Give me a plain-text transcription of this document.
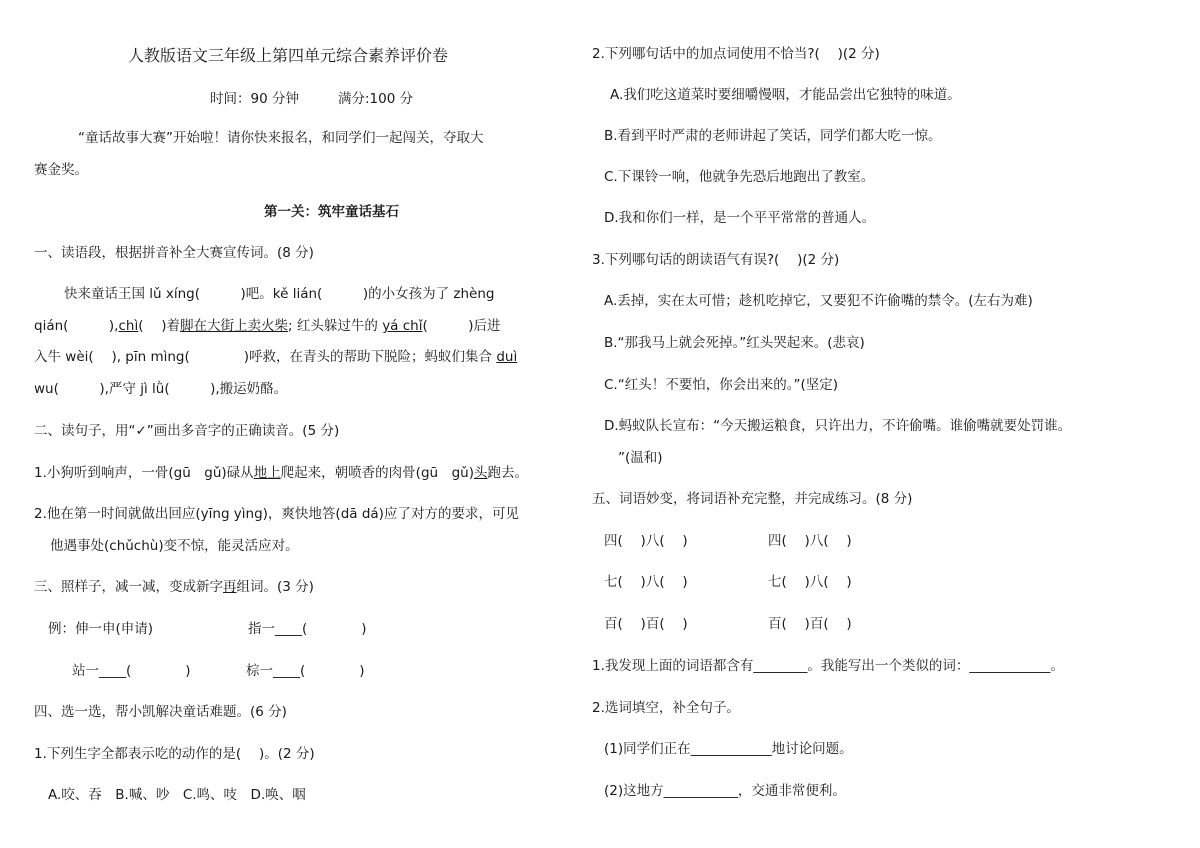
人教版语文三年级上第四单元综合素养评价卷
时间：90 分钟	满分:100 分
“童话故事大赛”开始啦！请你快来报名，和同学们一起闯关，夺取大
赛金奖。
第一关：筑牢童话基石
一、读语段，根据拼音补全大赛宣传词。(8 分)
快来童话王国 lǔ xíng(　　　)吧。kě lián(　　　)的小女孩为了 zhèng
qián(　　　),chì(　 )着脚在大街上卖火柴; 红头躲过牛的 yá chǐ(　　　)后进
入牛 wèi(　 ), pīn mìng(　　　　)呼救，在青头的帮助下脱险；蚂蚁们集合 duì
wu(　　　),严守 jì lǜ(　　　),搬运奶酪。
二、读句子，用“✓”画出多音字的正确读音。(5 分)
1.小狗听到响声，一骨(gū　gǔ)碌从地上爬起来，朝喷香的肉骨(gū　gǔ)头跑去。
2.他在第一时间就做出回应(yīng yìng)，爽快地答(dā dá)应了对方的要求，可见
他遇事处(chǔchù)变不惊，能灵活应对。
三、照样子，减一减，变成新字再组词。(3 分)
例：伸一申(申请)	指一____(　　　　)
站一____(　　　　)	棕一____(　　　　)
四、选一选，帮小凯解决童话难题。(6 分)
1.下列生字全都表示吃的动作的是(　 )。(2 分)
A.咬、吞　B.喊、吵　C.鸣、吱　D.唤、咽
2.下列哪句话中的加点词使用不恰当?(　 )(2 分)
A.我们吃这道菜时要细嚼慢咽，才能品尝出它独特的味道。
B.看到平时严肃的老师讲起了笑话，同学们都大吃一惊。
C.下课铃一响，他就争先恐后地跑出了教室。
D.我和你们一样，是一个平平常常的普通人。
3.下列哪句话的朗读语气有误?(　 )(2 分)
A.丢掉，实在太可惜；趁机吃掉它，又要犯不许偷嘴的禁令。(左右为难)
B.“那我马上就会死掉。”红头哭起来。(悲哀)
C.“红头！不要怕，你会出来的。”(坚定)
D.蚂蚁队长宣布：“今天搬运粮食，只许出力，不许偷嘴。谁偷嘴就要处罚谁。
”(温和)
五、词语妙变，将词语补充完整，并完成练习。(8 分)
四(　 )八(　 )	四(　 )八(　 )
七(　 )八(　 )	七(　 )八(　 )
百(　 )百(　 )	百(　 )百(　 )
1.我发现上面的词语都含有________。我能写出一个类似的词：____________。
2.选词填空，补全句子。
(1)同学们正在____________地讨论问题。
(2)这地方___________，交通非常便利。
